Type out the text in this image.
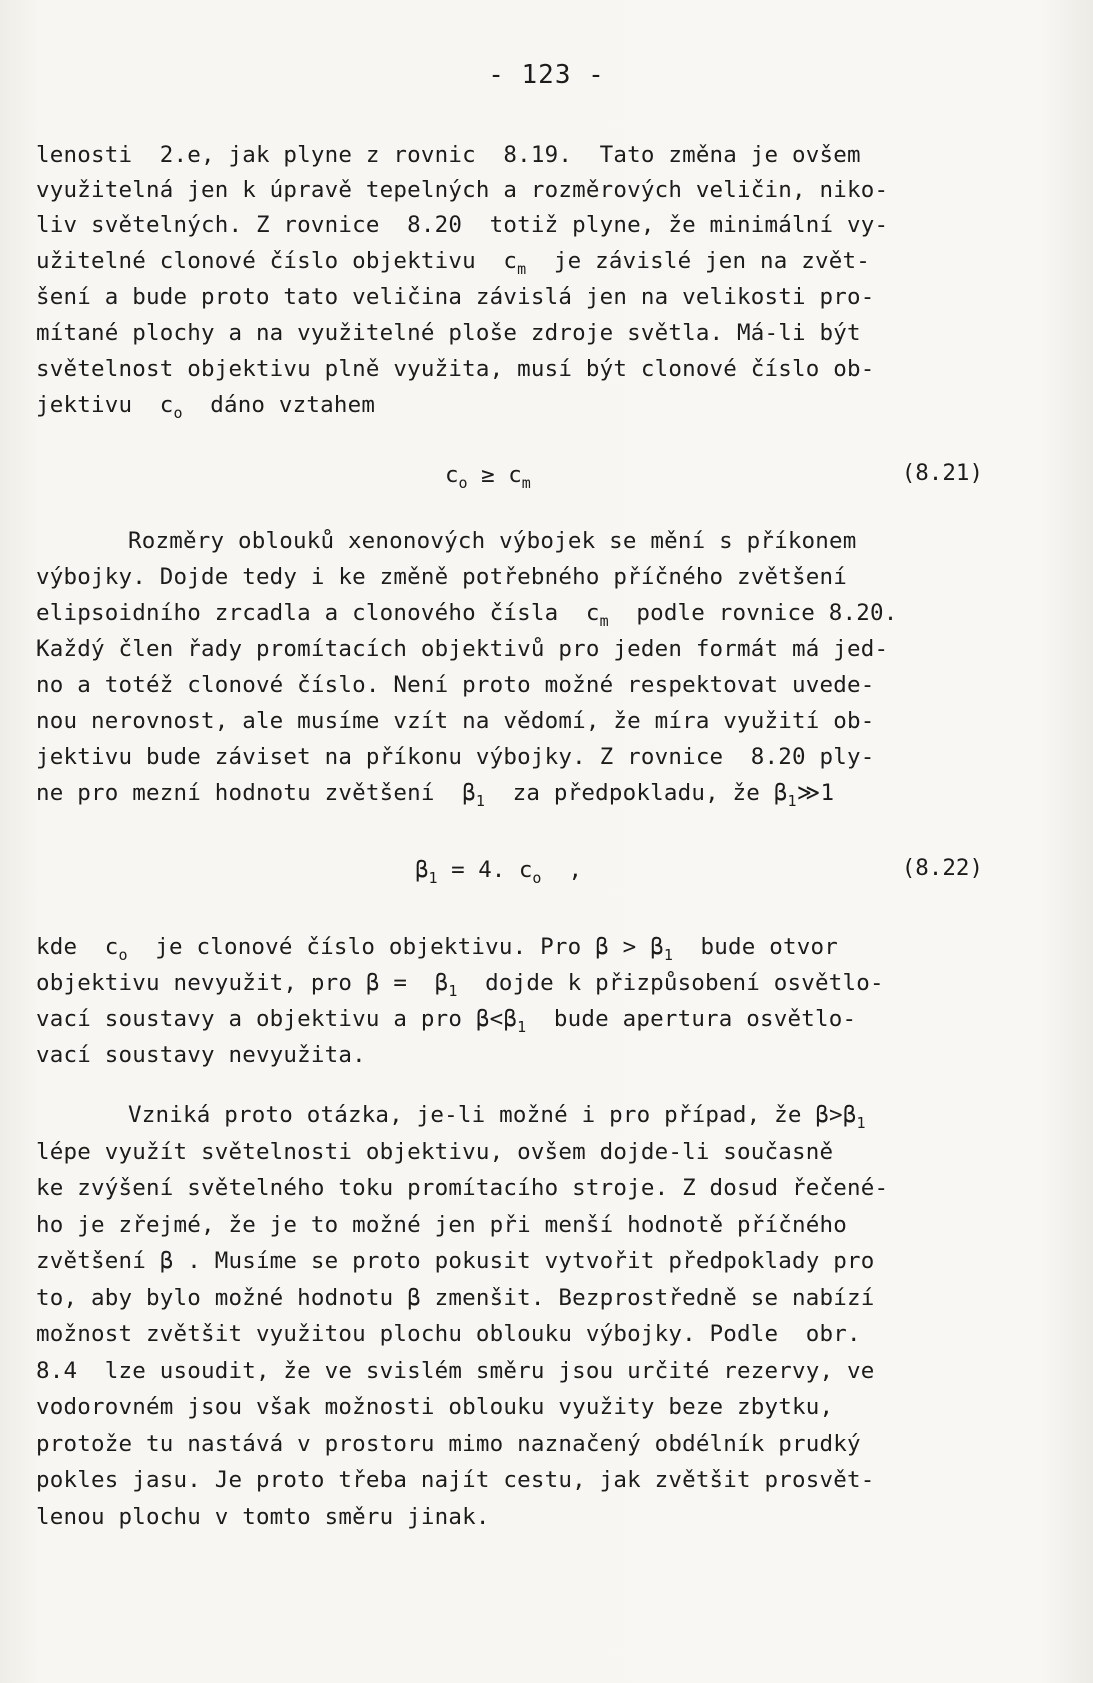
- 123 -
lenosti  2.e, jak plyne z rovnic  8.19.  Tato změna je ovšem
využitelná jen k úpravě tepelných a rozměrových veličin, niko-
liv světelných. Z rovnice  8.20  totiž plyne, že minimální vy-
užitelné clonové číslo objektivu  $c_m$  je závislé jen na zvět-
šení a bude proto tato veličina závislá jen na velikosti pro-
mítané plochy a na využitelné ploše zdroje světla. Má-li být
světelnost objektivu plně využita, musí být clonové číslo ob-
jektivu  $c_o$  dáno vztahem
$c_o \ge c_m$	(8.21)
Rozměry oblouků xenonových výbojek se mění s příkonem
výbojky. Dojde tedy i ke změně potřebného příčného zvětšení
elipsoidního zrcadla a clonového čísla  $c_m$  podle rovnice 8.20.
Každý člen řady promítacích objektivů pro jeden formát má jed-
no a totéž clonové číslo. Není proto možné respektovat uvede-
nou nerovnost, ale musíme vzít na vědomí, že míra využití ob-
jektivu bude záviset na příkonu výbojky. Z rovnice  8.20 ply-
ne pro mezní hodnotu zvětšení  $\beta_1$  za předpokladu, že $\beta_1≫1$
$\beta_1 = 4$. $c_o$  ,	(8.22)
kde  $c_o$  je clonové číslo objektivu. Pro $\beta > \beta_1$  bude otvor
objektivu nevyužit, pro $\beta = \beta_1$  dojde k přizpůsobení osvětlo-
vací soustavy a objektivu a pro $\beta<\beta_1$  bude apertura osvětlo-
vací soustavy nevyužita.
Vzniká proto otázka, je-li možné i pro případ, že $\beta>\beta_1$
lépe využít světelnosti objektivu, ovšem dojde-li současně
ke zvýšení světelného toku promítacího stroje. Z dosud řečené-
ho je zřejmé, že je to možné jen při menší hodnotě příčného
zvětšení β . Musíme se proto pokusit vytvořit předpoklady pro
to, aby bylo možné hodnotu β zmenšit. Bezprostředně se nabízí
možnost zvětšit využitou plochu oblouku výbojky. Podle  obr.
8.4  lze usoudit, že ve svislém směru jsou určité rezervy, ve
vodorovném jsou však možnosti oblouku využity beze zbytku,
protože tu nastává v prostoru mimo naznačený obdélník prudký
pokles jasu. Je proto třeba najít cestu, jak zvětšit prosvět-
lenou plochu v tomto směru jinak.
